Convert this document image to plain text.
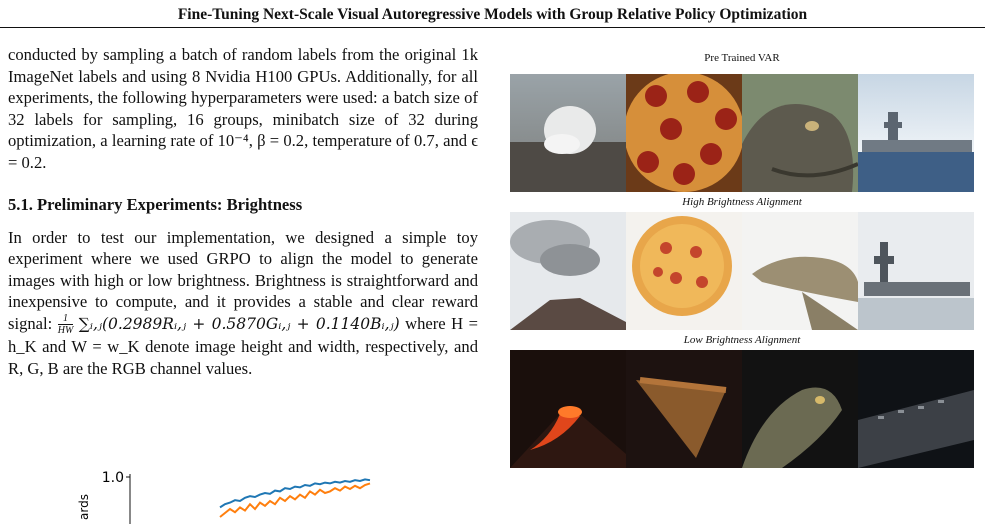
Fine-Tuning Next-Scale Visual Autoregressive Models with Group Relative Policy Optimization

conducted by sampling a batch of random labels from the original 1k ImageNet labels and using 8 Nvidia H100 GPUs. Additionally, for all experiments, the following hyperparameters were used: a batch size of 32 labels for sampling, 16 groups, minibatch size of 32 during optimization, a learning rate of 10⁻⁴, β = 0.2, temperature of 0.7, and ϵ = 0.2.

5.1. Preliminary Experiments: Brightness

In order to test our implementation, we designed a simple toy experiment where we used GRPO to align the model to generate images with high or low brightness. Brightness is straightforward and inexpensive to compute, and it provides a stable and clear reward signal: $\frac{1}{HW}$ ∑ᵢ,ⱼ(0.2989Rᵢ,ⱼ + 0.5870Gᵢ,ⱼ + 0.1140Bᵢ,ⱼ) where H = h_K and W = w_K denote image height and width, respectively, and R, G, B are the RGB channel values.

Pre Trained VAR
High Brightness Alignment
Low Brightness Alignment
1.0
ards
